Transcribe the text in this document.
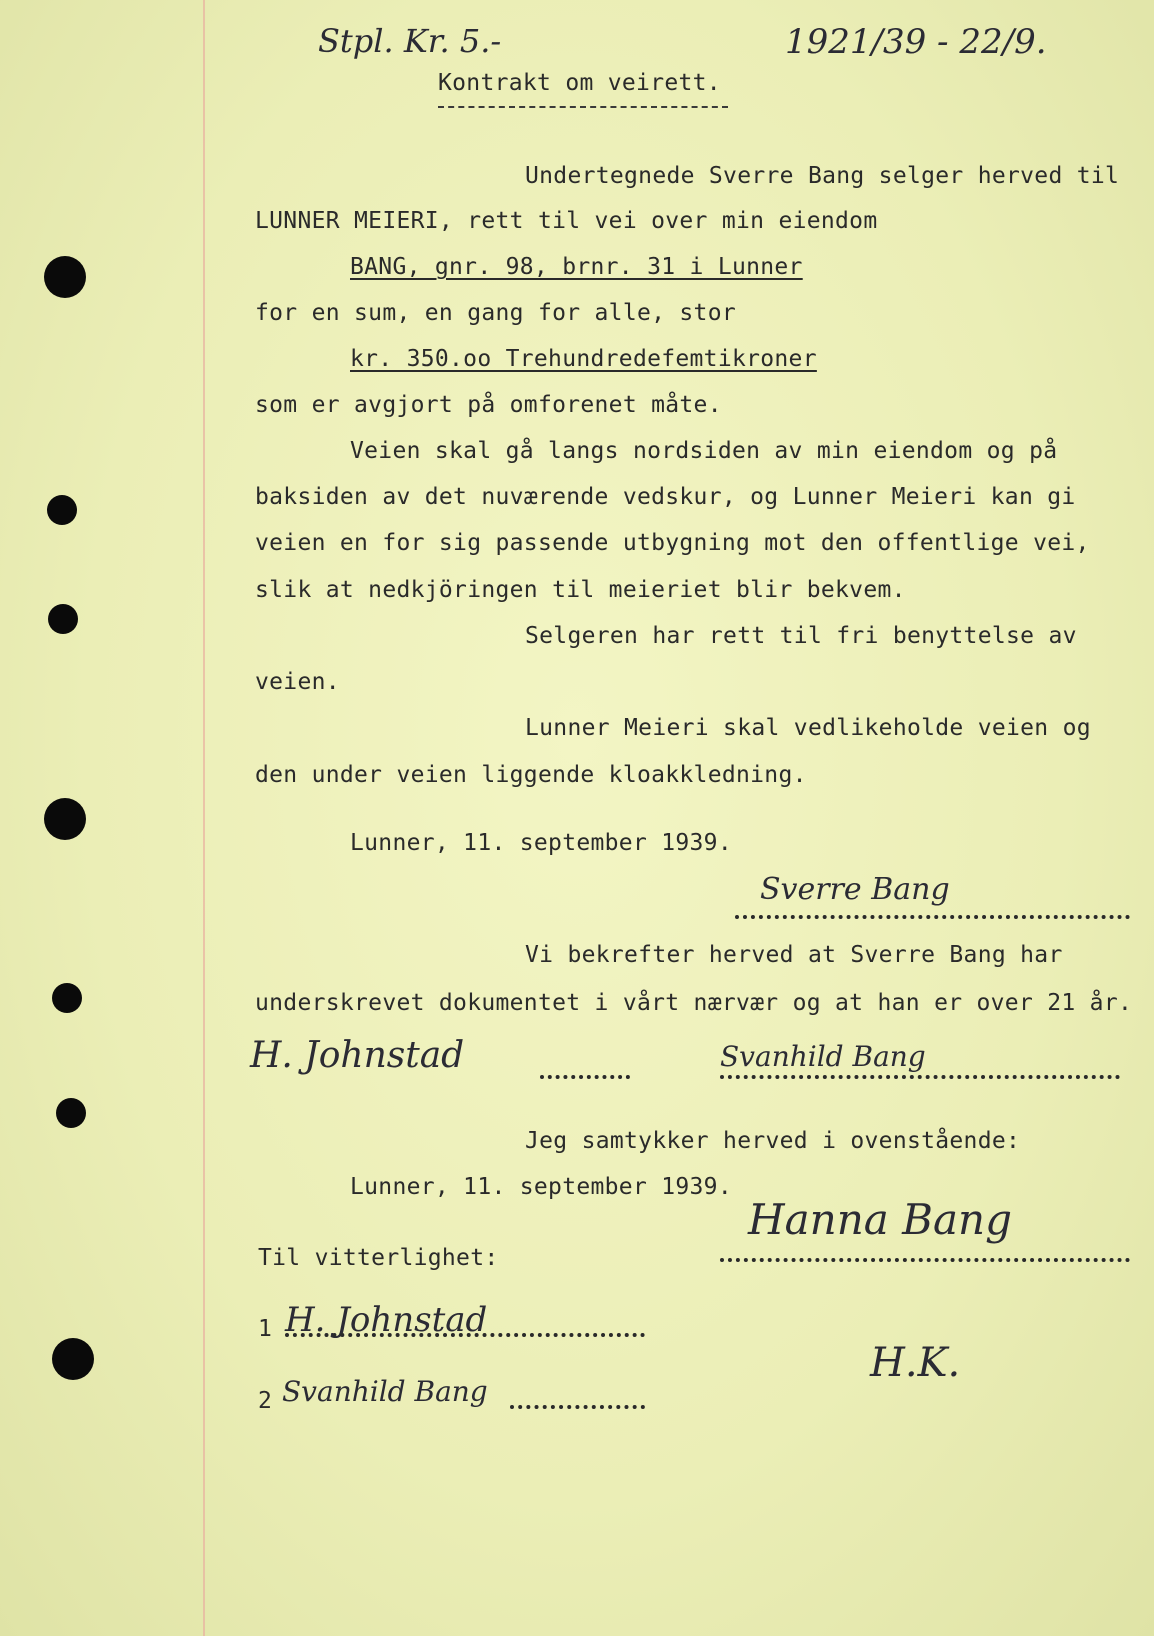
Stpl. Kr. 5.-	1921/39 - 22/9.
Kontrakt om veirett.
Undertegnede Sverre Bang selger herved til
LUNNER MEIERI, rett til vei over min eiendom
BANG, gnr. 98, brnr. 31 i Lunner
for en sum, en gang for alle, stor
kr. 350.oo Trehundredefemtikroner
som er avgjort på omforenet måte.
Veien skal gå langs nordsiden av min eiendom og på
baksiden av det nuværende vedskur, og Lunner Meieri kan gi
veien en for sig passende utbygning mot den offentlige vei,
slik at nedkjöringen til meieriet blir bekvem.
Selgeren har rett til fri benyttelse av
veien.
Lunner Meieri skal vedlikeholde veien og
den under veien liggende kloakkledning.
Lunner, 11. september 1939.
Sverre Bang
Vi bekrefter herved at Sverre Bang har
underskrevet dokumentet i vårt nærvær og at han er over 21 år.
H. Johnstad	Svanhild Bang
Jeg samtykker herved i ovenstående:
Lunner, 11. september 1939.
Hanna Bang
Til vitterlighet:
1 H. Johnstad
2 Svanhild Bang
H.K.
